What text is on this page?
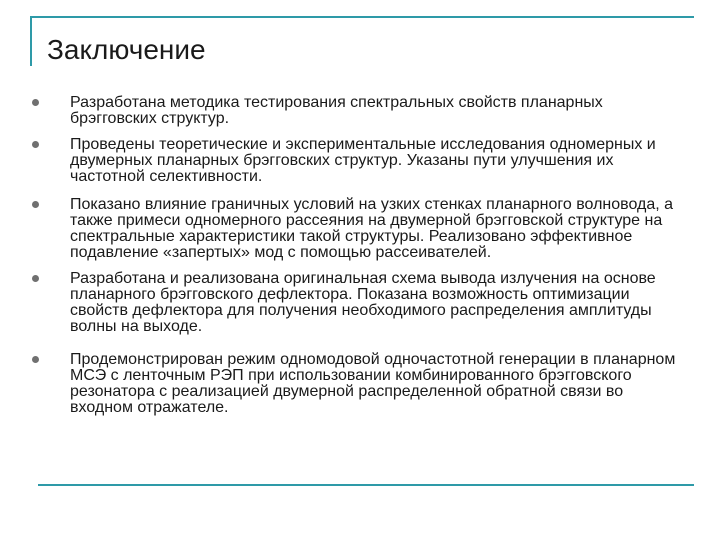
Заключение
Разработана методика тестирования спектральных свойств планарных брэгговских структур.
Проведены теоретические и экспериментальные исследования одномерных и двумерных планарных брэгговских структур. Указаны пути улучшения их частотной селективности.
Показано влияние граничных условий на узких стенках планарного волновода, а также примеси одномерного рассеяния на двумерной брэгговской структуре на спектральные характеристики такой структуры. Реализовано эффективное подавление «запертых» мод с помощью рассеивателей.
Разработана и реализована оригинальная схема вывода излучения на основе планарного брэгговского дефлектора. Показана возможность оптимизации свойств дефлектора для получения необходимого распределения амплитуды волны на выходе.
Продемонстрирован режим одномодовой одночастотной генерации в планарном МСЭ с ленточным РЭП при использовании комбинированного брэгговского резонатора с реализацией двумерной распределенной обратной связи во входном отражателе.
